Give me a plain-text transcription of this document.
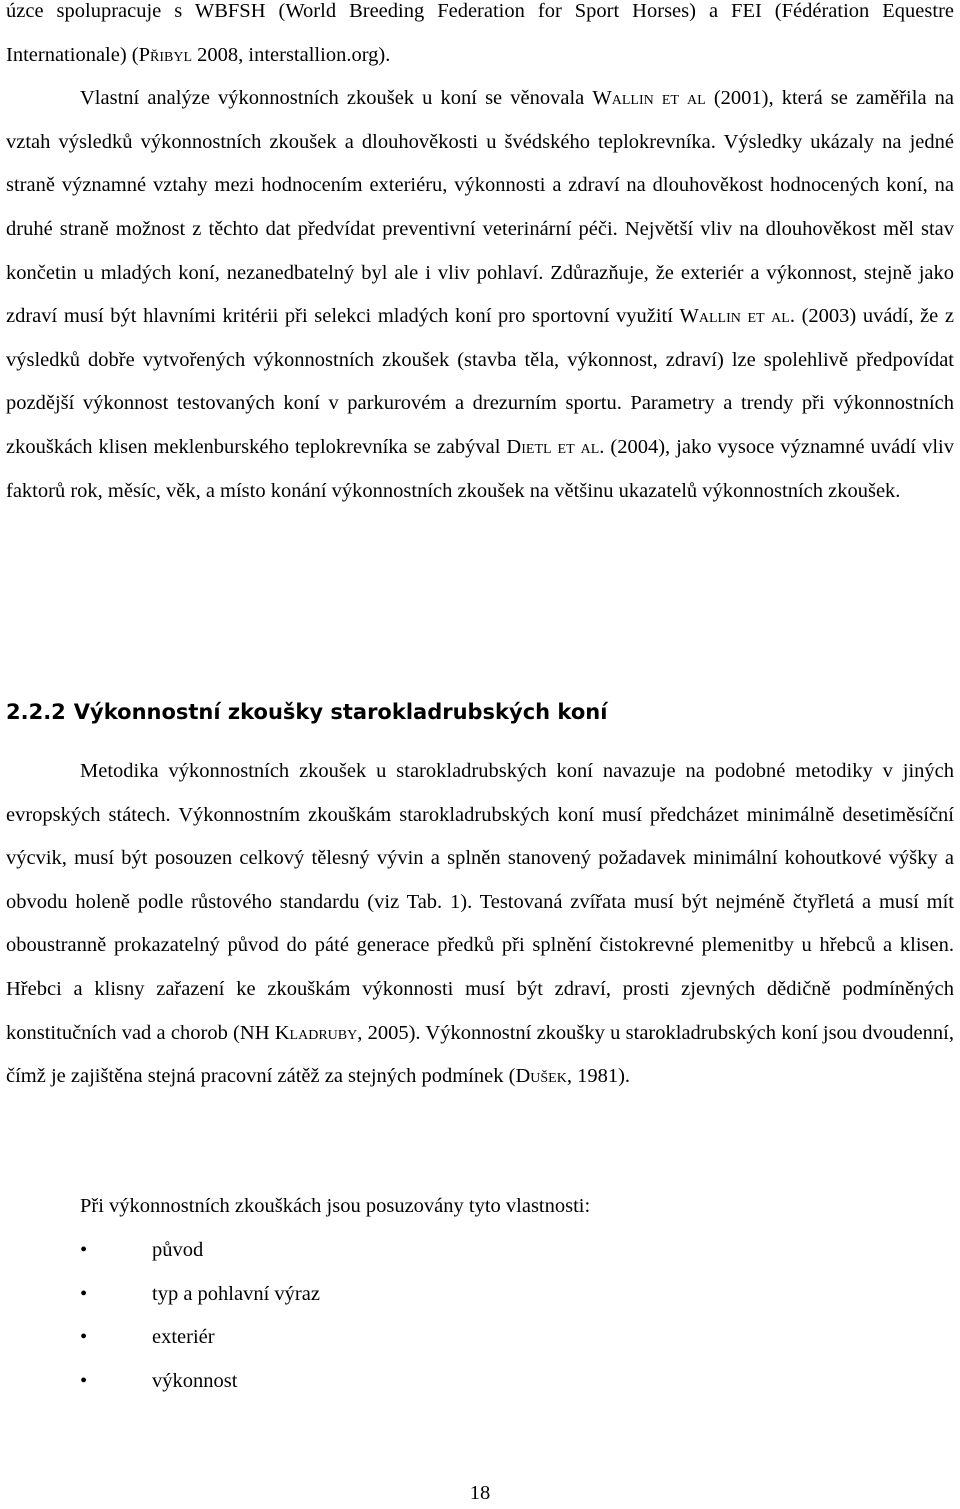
úzce spolupracuje s WBFSH (World Breeding Federation for Sport Horses) a FEI (Fédération Equestre Internationale) (Přibyl 2008, interstallion.org).

Vlastní analýze výkonnostních zkoušek u koní se věnovala Wallin et al (2001), která se zaměřila na vztah výsledků výkonnostních zkoušek a dlouhověkosti u švédského teplokrevníka. Výsledky ukázaly na jedné straně významné vztahy mezi hodnocením exteriéru, výkonnosti a zdraví na dlouhověkost hodnocených koní, na druhé straně možnost z těchto dat předvídat preventivní veterinární péči. Největší vliv na dlouhověkost měl stav končetin u mladých koní, nezanedbatelný byl ale i vliv pohlaví. Zdůrazňuje, že exteriér a výkonnost, stejně jako zdraví musí být hlavními kritérii při selekci mladých koní pro sportovní využití Wallin et al. (2003) uvádí, že z výsledků dobře vytvořených výkonnostních zkoušek (stavba těla, výkonnost, zdraví) lze spolehlivě předpovídat pozdější výkonnost testovaných koní v parkurovém a drezurním sportu. Parametry a trendy při výkonnostních zkouškách klisen meklenburského teplokrevníka se zabýval Dietl et al. (2004), jako vysoce významné uvádí vliv faktorů rok, měsíc, věk, a místo konání výkonnostních zkoušek na většinu ukazatelů výkonnostních zkoušek.

2.2.2 Výkonnostní zkoušky starokladrubských koní

Metodika výkonnostních zkoušek u starokladrubských koní navazuje na podobné metodiky v jiných evropských státech. Výkonnostním zkouškám starokladrubských koní musí předcházet minimálně desetiměsíční výcvik, musí být posouzen celkový tělesný vývin a splněn stanovený požadavek minimální kohoutkové výšky a obvodu holeně podle růstového standardu (viz Tab. 1). Testovaná zvířata musí být nejméně čtyřletá a musí mít oboustranně prokazatelný původ do páté generace předků při splnění čistokrevné plemenitby u hřebců a klisen. Hřebci a klisny zařazení ke zkouškám výkonnosti musí být zdraví, prosti zjevných dědičně podmíněných konstitučních vad a chorob (NH Kladruby, 2005). Výkonnostní zkoušky u starokladrubských koní jsou dvoudenní, čímž je zajištěna stejná pracovní zátěž za stejných podmínek (Dušek, 1981).

Při výkonnostních zkouškách jsou posuzovány tyto vlastnosti:
•	původ
•	typ a pohlavní výraz
•	exteriér
•	výkonnost
18
